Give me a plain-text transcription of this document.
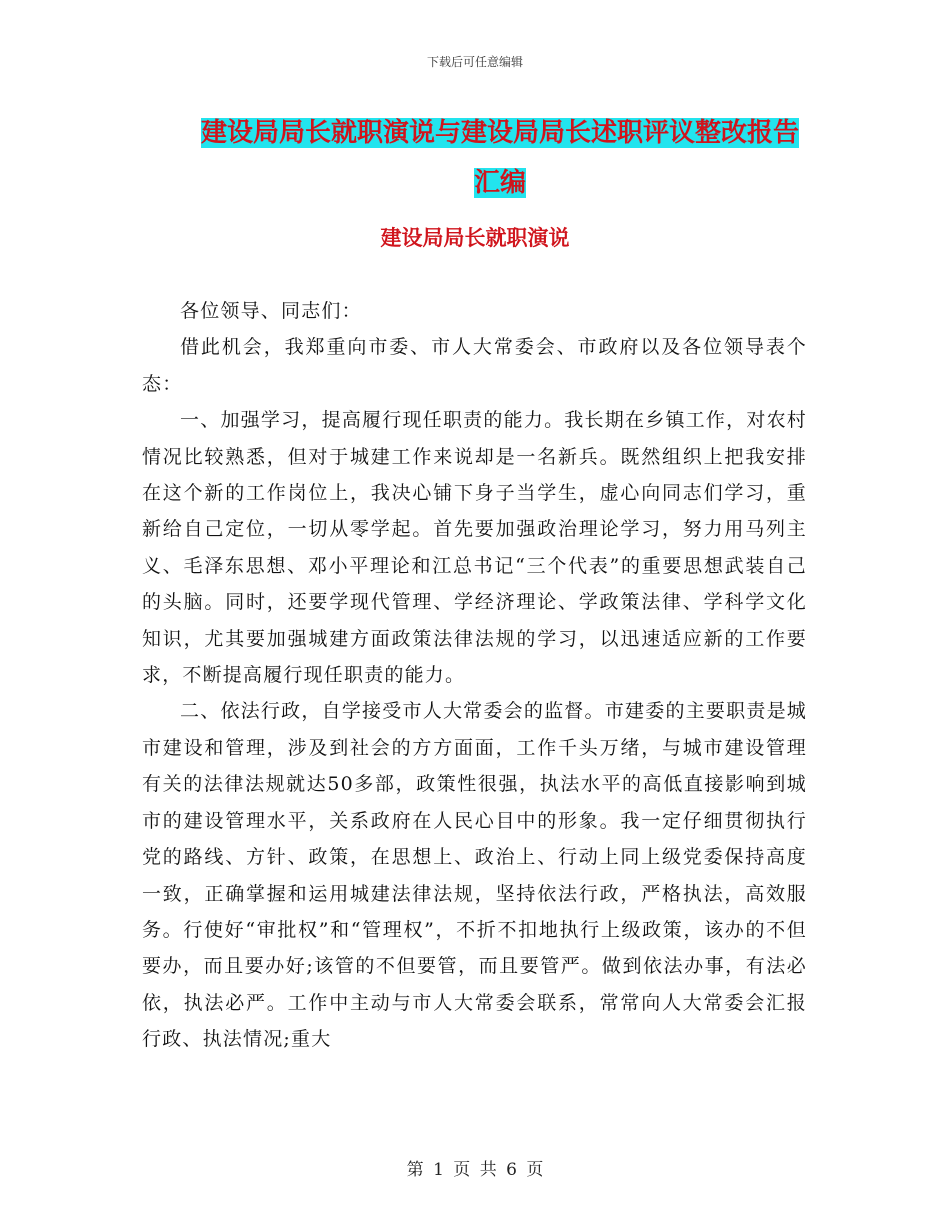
下载后可任意编辑
建设局局长就职演说与建设局局长述职评议整改报告
汇编
建设局局长就职演说

各位领导、同志们：

借此机会，我郑重向市委、市人大常委会、市政府以及各位领导表个态：

一、加强学习，提高履行现任职责的能力。我长期在乡镇工作，对农村情况比较熟悉，但对于城建工作来说却是一名新兵。既然组织上把我安排在这个新的工作岗位上，我决心铺下身子当学生，虚心向同志们学习，重新给自己定位，一切从零学起。首先要加强政治理论学习，努力用马列主义、毛泽东思想、邓小平理论和江总书记“三个代表”的重要思想武装自己的头脑。同时，还要学现代管理、学经济理论、学政策法律、学科学文化知识，尤其要加强城建方面政策法律法规的学习，以迅速适应新的工作要求，不断提高履行现任职责的能力。

二、依法行政，自学接受市人大常委会的监督。市建委的主要职责是城市建设和管理，涉及到社会的方方面面，工作千头万绪，与城市建设管理有关的法律法规就达50多部，政策性很强，执法水平的高低直接影响到城市的建设管理水平，关系政府在人民心目中的形象。我一定仔细贯彻执行党的路线、方针、政策，在思想上、政治上、行动上同上级党委保持高度一致，正确掌握和运用城建法律法规，坚持依法行政，严格执法，高效服务。行使好“审批权”和“管理权”，不折不扣地执行上级政策，该办的不但要办，而且要办好;该管的不但要管，而且要管严。做到依法办事，有法必依，执法必严。工作中主动与市人大常委会联系，常常向人大常委会汇报行政、执法情况;重大

第 1 页 共 6 页
